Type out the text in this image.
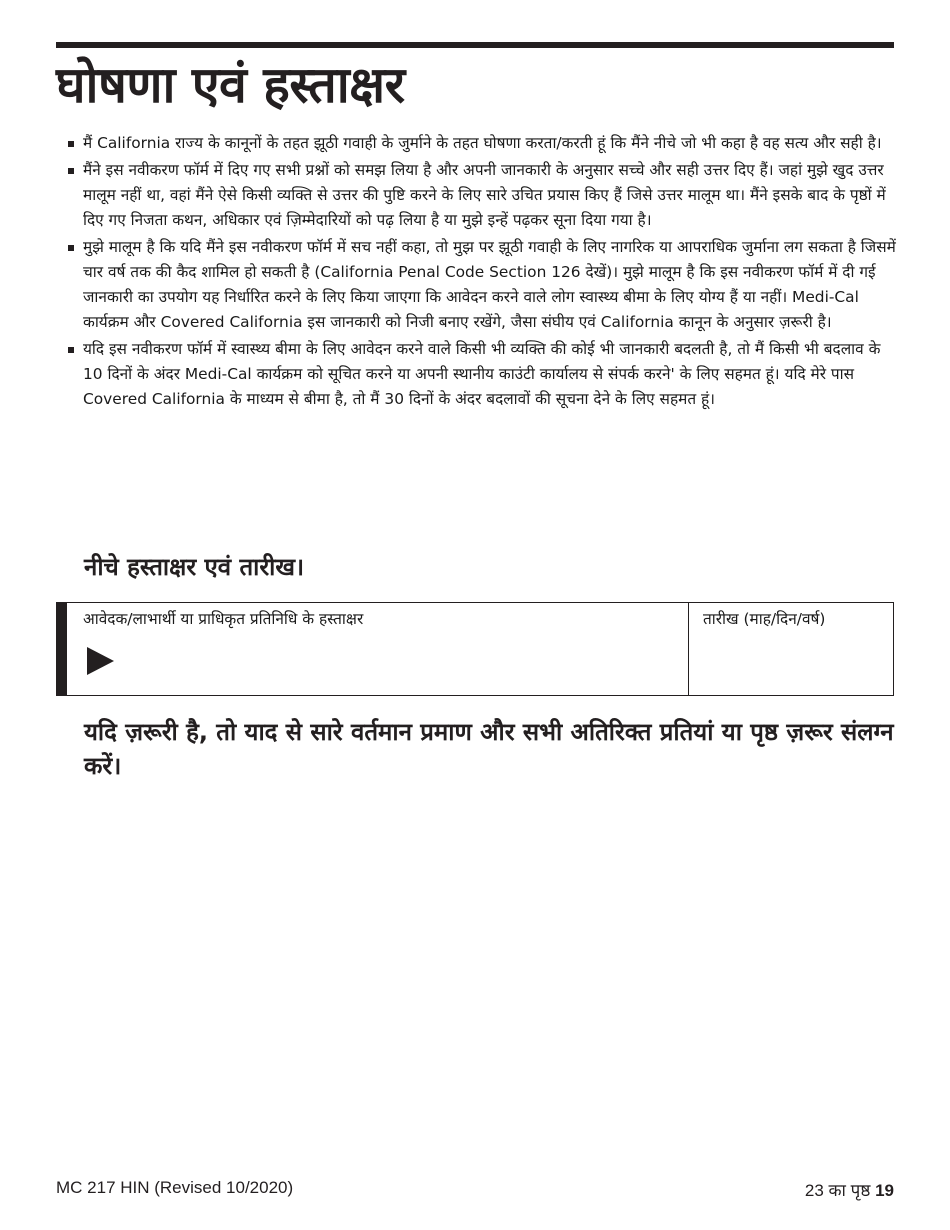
घोषणा एवं हस्ताक्षर
मैं California राज्य के कानूनों के तहत झूठी गवाही के जुर्माने के तहत घोषणा करता/करती हूं कि मैंने नीचे जो भी कहा है वह सत्य और सही है।
मैंने इस नवीकरण फॉर्म में दिए गए सभी प्रश्नों को समझ लिया है और अपनी जानकारी के अनुसार सच्चे और सही उत्तर दिए हैं। जहां मुझे खुद उत्तर मालूम नहीं था, वहां मैंने ऐसे किसी व्यक्ति से उत्तर की पुष्टि करने के लिए सारे उचित प्रयास किए हैं जिसे उत्तर मालूम था। मैंने इसके बाद के पृष्ठों में दिए गए निजता कथन, अधिकार एवं ज़िम्मेदारियों को पढ़ लिया है या मुझे इन्हें पढ़कर सूना दिया गया है।
मुझे मालूम है कि यदि मैंने इस नवीकरण फॉर्म में सच नहीं कहा, तो मुझ पर झूठी गवाही के लिए नागरिक या आपराधिक जुर्माना लग सकता है जिसमें चार वर्ष तक की कैद शामिल हो सकती है (California Penal Code Section 126 देखें)। मुझे मालूम है कि इस नवीकरण फॉर्म में दी गई जानकारी का उपयोग यह निर्धारित करने के लिए किया जाएगा कि आवेदन करने वाले लोग स्वास्थ्य बीमा के लिए योग्य हैं या नहीं। Medi-Cal कार्यक्रम और Covered California इस जानकारी को निजी बनाए रखेंगे, जैसा संघीय एवं California कानून के अनुसार ज़रूरी है।
यदि इस नवीकरण फॉर्म में स्वास्थ्य बीमा के लिए आवेदन करने वाले किसी भी व्यक्ति की कोई भी जानकारी बदलती है, तो मैं किसी भी बदलाव के 10 दिनों के अंदर Medi-Cal कार्यक्रम को सूचित करने या अपनी स्थानीय काउंटी कार्यालय से संपर्क करने' के लिए सहमत हूं। यदि मेरे पास Covered California के माध्यम से बीमा है, तो मैं 30 दिनों के अंदर बदलावों की सूचना देने के लिए सहमत हूं।
नीचे हस्ताक्षर एवं तारीख।
आवेदक/लाभार्थी या प्राधिकृत प्रतिनिधि के हस्ताक्षर	तारीख (माह/दिन/वर्ष)

यदि ज़रूरी है, तो याद से सारे वर्तमान प्रमाण और सभी अतिरिक्त प्रतियां या पृष्ठ ज़रूर संलग्न करें।

MC 217 HIN (Revised 10/2020)	23 का पृष्ठ 19
